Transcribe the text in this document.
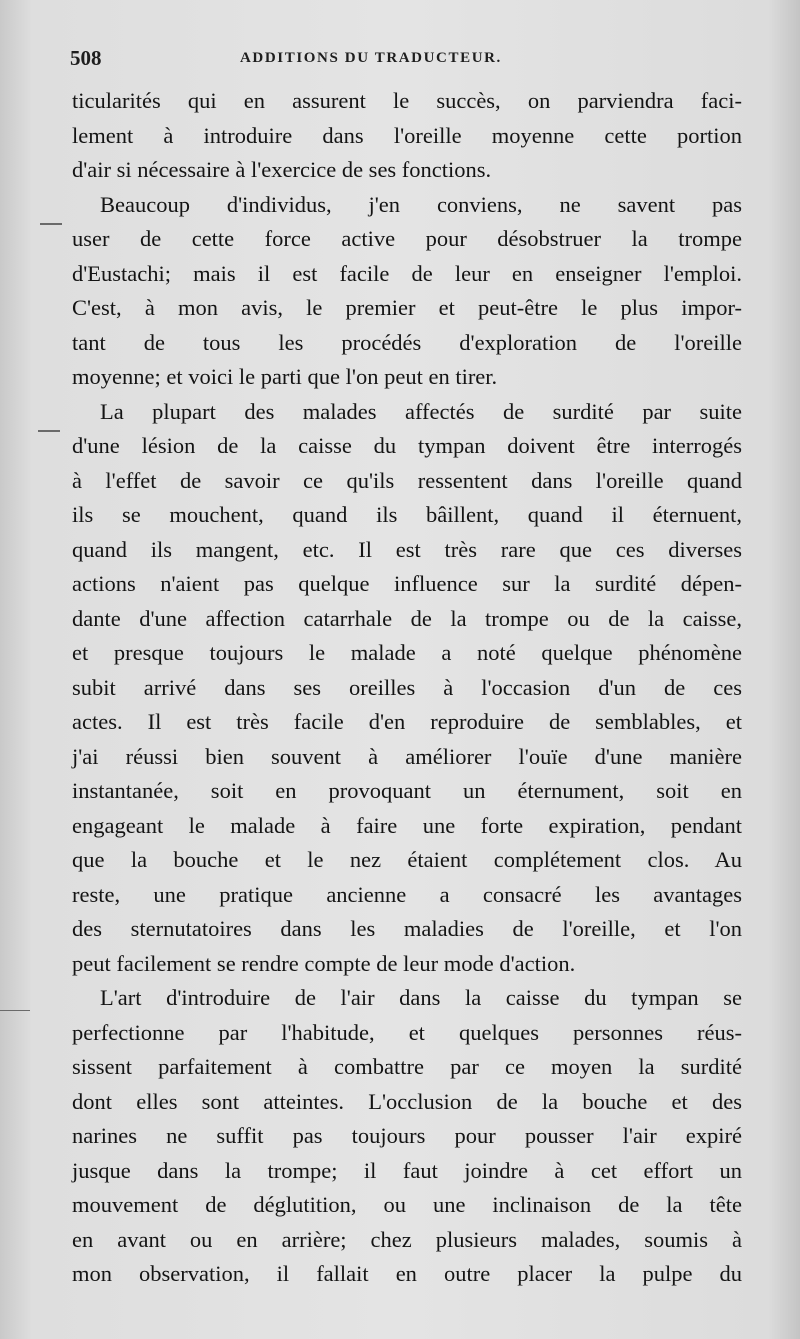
508	ADDITIONS DU TRADUCTEUR.
ticularités qui en assurent le succès, on parviendra faci-
lement à introduire dans l'oreille moyenne cette portion
d'air si nécessaire à l'exercice de ses fonctions.
Beaucoup d'individus, j'en conviens, ne savent pas
user de cette force active pour désobstruer la trompe
d'Eustachi; mais il est facile de leur en enseigner l'emploi.
C'est, à mon avis, le premier et peut-être le plus impor-
tant de tous les procédés d'exploration de l'oreille
moyenne; et voici le parti que l'on peut en tirer.
La plupart des malades affectés de surdité par suite
d'une lésion de la caisse du tympan doivent être interrogés
à l'effet de savoir ce qu'ils ressentent dans l'oreille quand
ils se mouchent, quand ils bâillent, quand il éternuent,
quand ils mangent, etc. Il est très rare que ces diverses
actions n'aient pas quelque influence sur la surdité dépen-
dante d'une affection catarrhale de la trompe ou de la caisse,
et presque toujours le malade a noté quelque phénomène
subit arrivé dans ses oreilles à l'occasion d'un de ces
actes. Il est très facile d'en reproduire de semblables, et
j'ai réussi bien souvent à améliorer l'ouïe d'une manière
instantanée, soit en provoquant un éternument, soit en
engageant le malade à faire une forte expiration, pendant
que la bouche et le nez étaient complétement clos. Au
reste, une pratique ancienne a consacré les avantages
des sternutatoires dans les maladies de l'oreille, et l'on
peut facilement se rendre compte de leur mode d'action.
L'art d'introduire de l'air dans la caisse du tympan se
perfectionne par l'habitude, et quelques personnes réus-
sissent parfaitement à combattre par ce moyen la surdité
dont elles sont atteintes. L'occlusion de la bouche et des
narines ne suffit pas toujours pour pousser l'air expiré
jusque dans la trompe; il faut joindre à cet effort un
mouvement de déglutition, ou une inclinaison de la tête
en avant ou en arrière; chez plusieurs malades, soumis à
mon observation, il fallait en outre placer la pulpe du
